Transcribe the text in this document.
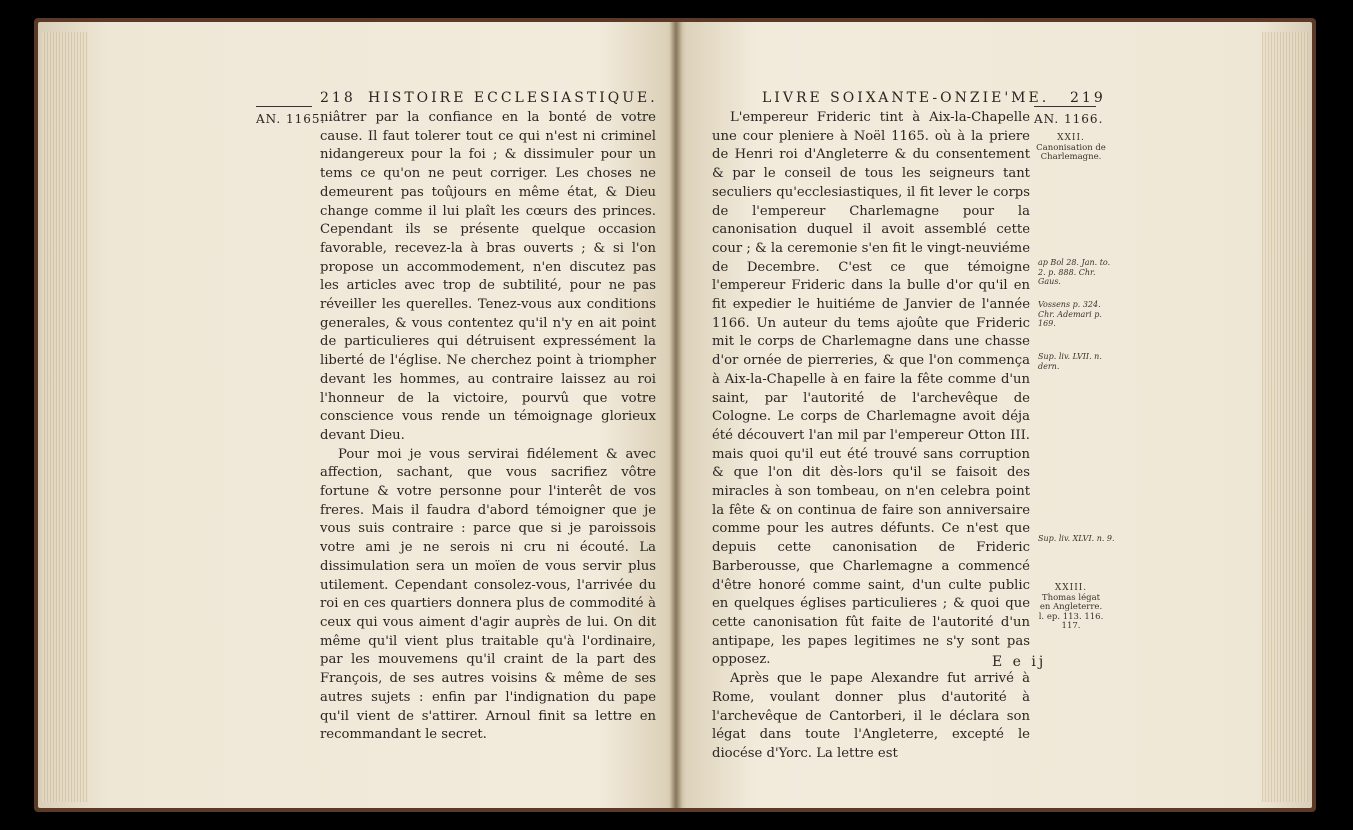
218 HISTOIRE ECCLESIASTIQUE.
AN. 1165.

niâtrer par la confiance en la bonté de votre cause. Il faut tolerer tout ce qui n'est ni criminel nidangereux pour la foi ; & dissimuler pour un tems ce qu'on ne peut corriger. Les choses ne demeurent pas toûjours en même état, & Dieu change comme il lui plaît les cœurs des princes. Cependant ils se présente quelque occasion favorable, recevez-la à bras ouverts ; & si l'on propose un accommodement, n'en discutez pas les articles avec trop de subtilité, pour ne pas réveiller les querelles. Tenez-vous aux conditions generales, & vous contentez qu'il n'y en ait point de particulieres qui détruisent expressément la liberté de l'église. Ne cherchez point à triompher devant les hommes, au contraire laissez au roi l'honneur de la victoire, pourvû que votre conscience vous rende un témoignage glorieux devant Dieu.

Pour moi je vous servirai fidélement & avec affection, sachant, que vous sacrifiez vôtre fortune & votre personne pour l'interêt de vos freres. Mais il faudra d'abord témoigner que je vous suis contraire : parce que si je paroissois votre ami je ne serois ni cru ni écouté. La dissimulation sera un moïen de vous servir plus utilement. Cependant consolez-vous, l'arrivée du roi en ces quartiers donnera plus de commodité à ceux qui vous aiment d'agir auprès de lui. On dit même qu'il vient plus traitable qu'à l'ordinaire, par les mouvemens qu'il craint de la part des François, de ses autres voisins & même de ses autres sujets : enfin par l'indignation du pape qu'il vient de s'attirer. Arnoul finit sa lettre en recommandant le secret.

LIVRE SOIXANTE-ONZIE'ME. 219
AN. 1166.

L'empereur Frideric tint à Aix-la-Chapelle une cour pleniere à Noël 1165. où à la priere de Henri roi d'Angleterre & du consentement & par le conseil de tous les seigneurs tant seculiers qu'ecclesiastiques, il fit lever le corps de l'empereur Charlemagne pour la canonisation duquel il avoit assemblé cette cour ; & la ceremonie s'en fit le vingt-neuviéme de Decembre. C'est ce que témoigne l'empereur Frideric dans la bulle d'or qu'il en fit expedier le huitiéme de Janvier de l'année 1166. Un auteur du tems ajoûte que Frideric mit le corps de Charlemagne dans une chasse d'or ornée de pierreries, & que l'on commença à Aix-la-Chapelle à en faire la fête comme d'un saint, par l'autorité de l'archevêque de Cologne. Le corps de Charlemagne avoit déja été découvert l'an mil par l'empereur Otton III. mais quoi qu'il eut été trouvé sans corruption & que l'on dit dès-lors qu'il se faisoit des miracles à son tombeau, on n'en celebra point la fête & on continua de faire son anniversaire comme pour les autres défunts. Ce n'est que depuis cette canonisation de Frideric Barberousse, que Charlemagne a commencé d'être honoré comme saint, d'un culte public en quelques églises particulieres ; & quoi que cette canonisation fût faite de l'autorité d'un antipape, les papes legitimes ne s'y sont pas opposez.

Après que le pape Alexandre fut arrivé à Rome, voulant donner plus d'autorité à l'archevêque de Cantorberi, il le déclara son légat dans toute l'Angleterre, excepté le diocése d'Yorc. La lettre est

E e ij
XXII.
Canonisation de Charlemagne.
ap Bol 28. Jan. to. 2. p. 888. Chr. Gaus.
Vossens p. 324. Chr. Ademari p. 169.
Sup. liv. LVII. n. dern.
Sup. liv. XLVI. n. 9.
XXIII.
Thomas légat en Angleterre. l. ep. 113. 116. 117.
